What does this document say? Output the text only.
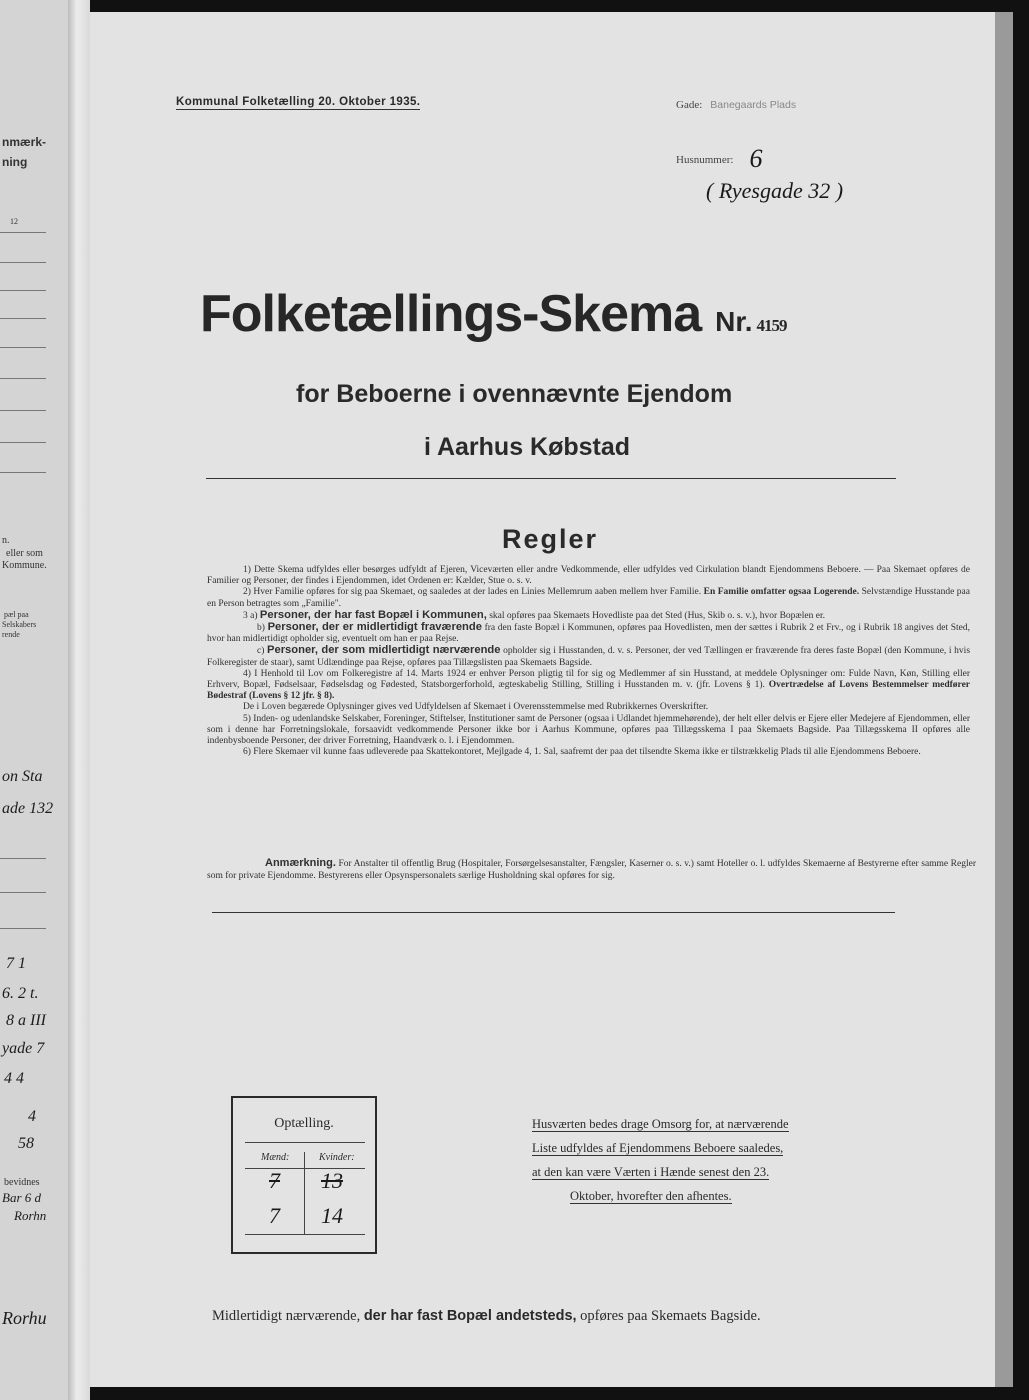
nmærk-
ning
12
n.
eller som
Kommune.
pæl paa
Selskabers
rende
on Sta
ade 132
7 1
6. 2 t.
8 a III
yade 7
4 4
4
58
bevidnes
Bar 6 d
Rorhn
Rorhu
Kommunal Folketælling 20. Oktober 1935.	Gade: Banegaards Plads
Husnummer: 6
( Ryesgade 32 )
Folketællings-Skema Nr. 4159
for Beboerne i ovennævnte Ejendom
i Aarhus Købstad
Regler

1) Dette Skema udfyldes eller besørges udfyldt af Ejeren, Viceværten eller andre Vedkommende, eller udfyldes ved Cirkulation blandt Ejendommens Beboere. — Paa Skemaet opføres de Familier og Personer, der findes i Ejendommen, idet Ordenen er: Kælder, Stue o. s. v.

2) Hver Familie opføres for sig paa Skemaet, og saaledes at der lades en Linies Mellemrum aaben mellem hver Familie. En Familie omfatter ogsaa Logerende. Selvstændige Husstande paa en Person betragtes som „Familie".

3 a) Personer, der har fast Bopæl i Kommunen, skal opføres paa Skemaets Hovedliste paa det Sted (Hus, Skib o. s. v.), hvor Bopælen er.

b) Personer, der er midlertidigt fraværende fra den faste Bopæl i Kommunen, opføres paa Hovedlisten, men der sættes i Rubrik 2 et Frv., og i Rubrik 18 angives det Sted, hvor han midlertidigt opholder sig, eventuelt om han er paa Rejse.

c) Personer, der som midlertidigt nærværende opholder sig i Husstanden, d. v. s. Personer, der ved Tællingen er fraværende fra deres faste Bopæl (den Kommune, i hvis Folkeregister de staar), samt Udlændinge paa Rejse, opføres paa Tillægslisten paa Skemaets Bagside.

4) I Henhold til Lov om Folkeregistre af 14. Marts 1924 er enhver Person pligtig til for sig og Medlemmer af sin Husstand, at meddele Oplysninger om: Fulde Navn, Køn, Stilling eller Erhverv, Bopæl, Fødselsaar, Fødselsdag og Fødested, Statsborgerforhold, ægteskabelig Stilling, Stilling i Husstanden m. v. (jfr. Lovens § 1). Overtrædelse af Lovens Bestemmelser medfører Bødestraf (Lovens § 12 jfr. § 8).

De i Loven begærede Oplysninger gives ved Udfyldelsen af Skemaet i Overensstemmelse med Rubrikkernes Overskrifter.

5) Inden- og udenlandske Selskaber, Foreninger, Stiftelser, Institutioner samt de Personer (ogsaa i Udlandet hjemmehørende), der helt eller delvis er Ejere eller Medejere af Ejendommen, eller som i denne har Forretningslokale, forsaavidt vedkommende Personer ikke bor i Aarhus Kommune, opføres paa Tillægsskema I paa Skemaets Bagside. Paa Tillægsskema II opføres alle indenbysboende Personer, der driver Forretning, Haandværk o. l. i Ejendommen.

6) Flere Skemaer vil kunne faas udleverede paa Skattekontoret, Mejlgade 4, 1. Sal, saafremt der paa det tilsendte Skema ikke er tilstrækkelig Plads til alle Ejendommens Beboere.

Anmærkning. For Anstalter til offentlig Brug (Hospitaler, Forsørgelsesanstalter, Fængsler, Kaserner o. s. v.) samt Hoteller o. l. udfyldes Skemaerne af Bestyrerne efter samme Regler som for private Ejendomme. Bestyrerens eller Opsynspersonalets særlige Husholdning skal opføres for sig.
Optælling.
Mænd:	Kvinder:
7 13
7 14
Husværten bedes drage Omsorg for, at nærværende
Liste udfyldes af Ejendommens Beboere saaledes,
at den kan være Værten i Hænde senest den 23.
Oktober, hvorefter den afhentes.
Midlertidigt nærværende, der har fast Bopæl andetsteds, opføres paa Skemaets Bagside.
